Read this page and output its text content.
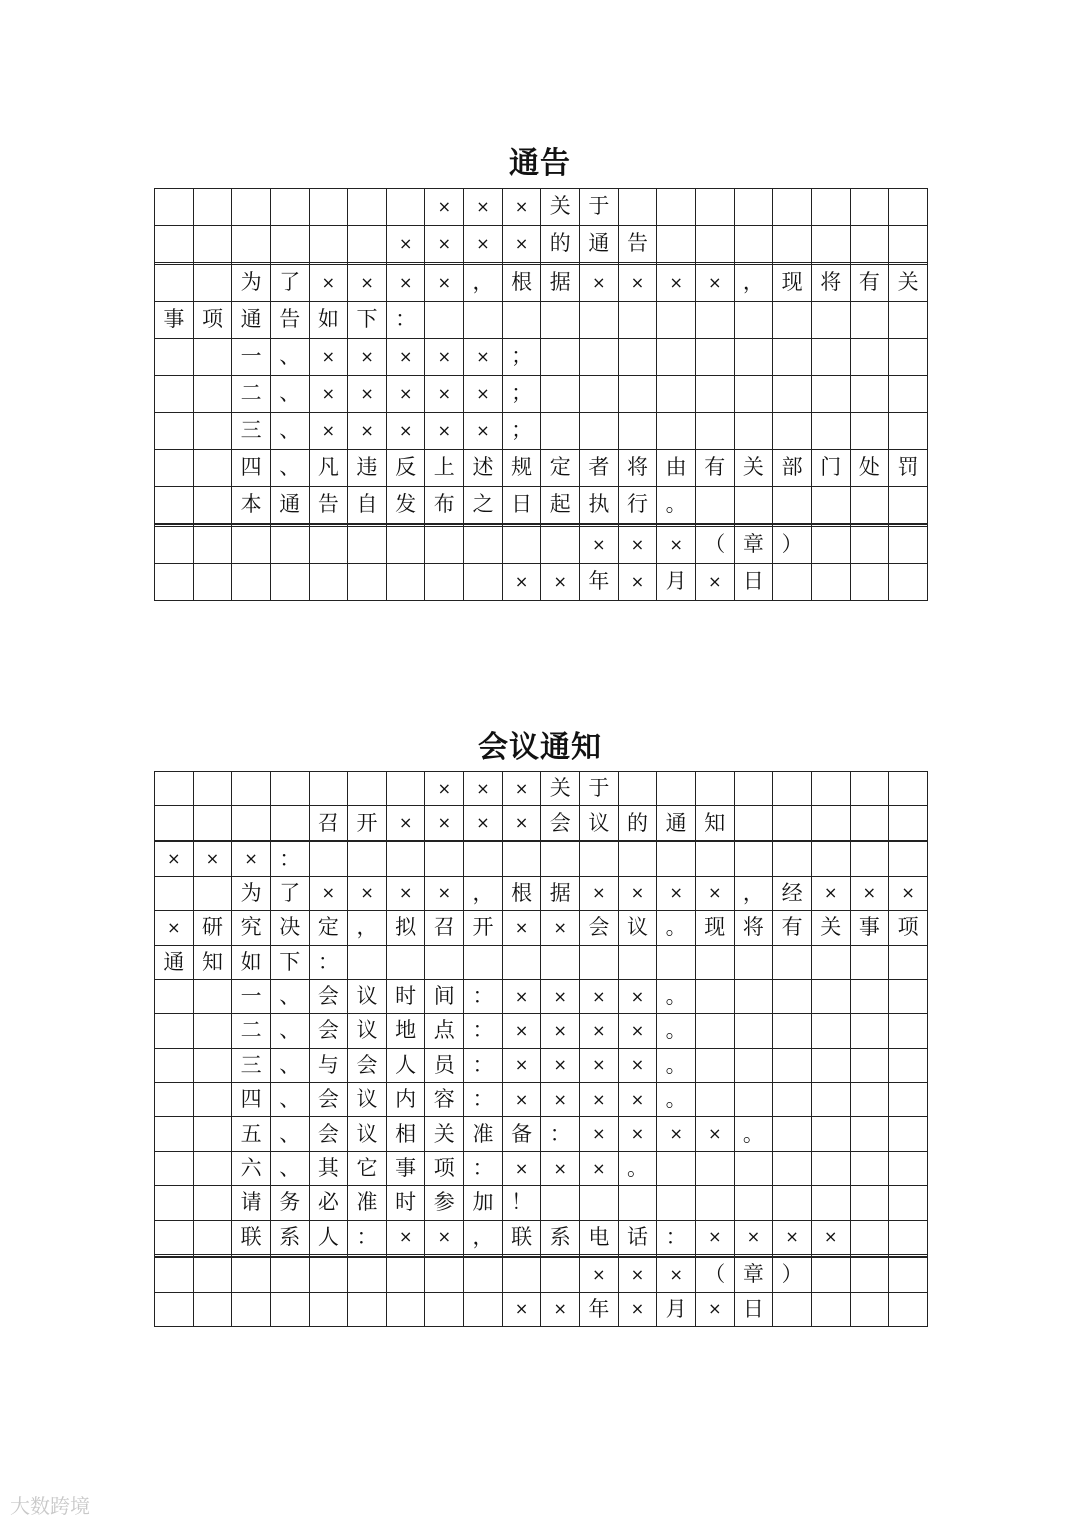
通告
							×	×	×	关	于								
						×	×	×	×	的	通	告							

		为	了	×	×	×	×	，	根	据	×	×	×	×	，	现	将	有	关
事	项	通	告	如	下	：													
		一	、	×	×	×	×	×	；										
		二	、	×	×	×	×	×	；										
		三	、	×	×	×	×	×	；										
		四	、	凡	违	反	上	述	规	定	者	将	由	有	关	部	门	处	罚
		本	通	告	自	发	布	之	日	起	执	行	。						

											×	×	×	（	章	）			
									×	×	年	×	月	×	日				
会议通知
							×	×	×	关	于								
				召	开	×	×	×	×	会	议	的	通	知					

×	×	×	：																
		为	了	×	×	×	×	，	根	据	×	×	×	×	，	经	×	×	×
×	研	究	决	定	，	拟	召	开	×	×	会	议	。	现	将	有	关	事	项
通	知	如	下	：															
		一	、	会	议	时	间	：	×	×	×	×	。						
		二	、	会	议	地	点	：	×	×	×	×	。						
		三	、	与	会	人	员	：	×	×	×	×	。						
		四	、	会	议	内	容	：	×	×	×	×	。						
		五	、	会	议	相	关	准	备	：	×	×	×	×	。				
		六	、	其	它	事	项	：	×	×	×	。							
		请	务	必	准	时	参	加	！										
		联	系	人	：	×	×	，	联	系	电	话	：	×	×	×	×		

											×	×	×	（	章	）			
									×	×	年	×	月	×	日				
大数跨境
